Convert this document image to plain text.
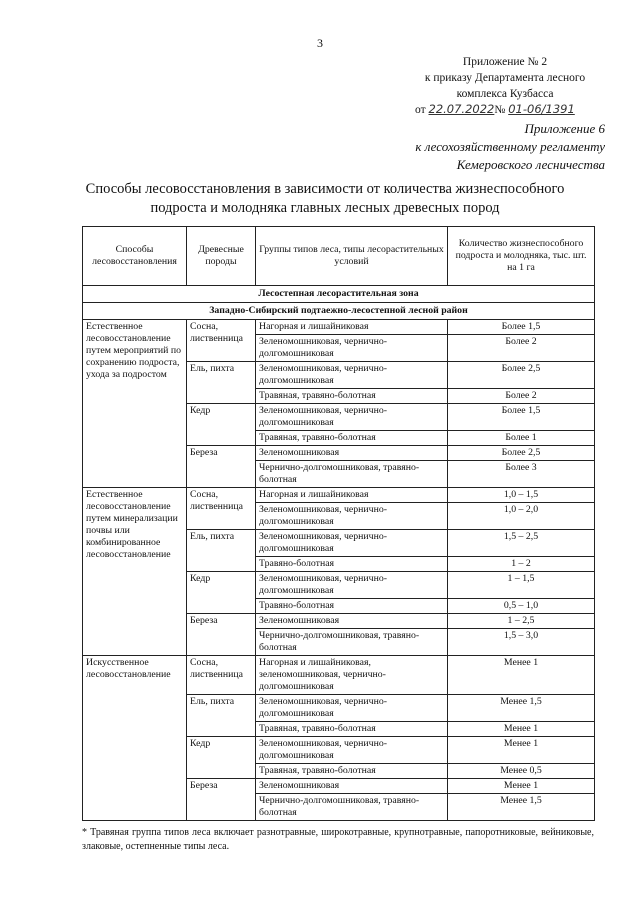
3
Приложение № 2
к приказу Департамента лесного
комплекса Кузбасса
от 22.07.2022№ 01-06/1391
Приложение 6
к лесохозяйственному регламенту
Кемеровского лесничества
Способы лесовосстановления в зависимости от количества жизнеспособного
подроста и молодняка главных лесных древесных пород
Способы лесовосстановления	Древесные породы	Группы типов леса, типы лесорастительных условий	Количество жизнеспособного подроста и молодняка, тыс. шт. на 1 га
Лесостепная лесорастительная зона			
Западно-Сибирский подтаежно-лесостепной лесной район			
Естественное лесовосстановление путем мероприятий по сохранению подроста, ухода за подростом	Сосна, лиственница	Нагорная и лишайниковая	Более 1,5
		Зеленомошниковая, чернично-долгомошниковая	Более 2
	Ель, пихта	Зеленомошниковая, чернично-долгомошниковая	Более 2,5
		Травяная, травяно-болотная	Более 2
	Кедр	Зеленомошниковая, чернично-долгомошниковая	Более 1,5
		Травяная, травяно-болотная	Более 1
	Береза	Зеленомошниковая	Более 2,5
		Чернично-долгомошниковая, травяно-болотная	Более 3
Естественное лесовосстановление путем минерализации почвы или комбинированное лесовосстановление	Сосна, лиственница	Нагорная и лишайниковая	1,0 – 1,5
		Зеленомошниковая, чернично-долгомошниковая	1,0 – 2,0
	Ель, пихта	Зеленомошниковая, чернично-долгомошниковая	1,5 – 2,5
		Травяно-болотная	1 – 2
	Кедр	Зеленомошниковая, чернично-долгомошниковая	1 – 1,5
		Травяно-болотная	0,5 – 1,0
	Береза	Зеленомошниковая	1 – 2,5
		Чернично-долгомошниковая, травяно-болотная	1,5 – 3,0
Искусственное лесовосстановление	Сосна, лиственница	Нагорная и лишайниковая, зеленомошниковая, чернично-долгомошниковая	Менее 1
	Ель, пихта	Зеленомошниковая, чернично-долгомошниковая	Менее 1,5
		Травяная, травяно-болотная	Менее 1
	Кедр	Зеленомошниковая, чернично-долгомошниковая	Менее 1
		Травяная, травяно-болотная	Менее 0,5
	Береза	Зеленомошниковая	Менее 1
		Чернично-долгомошниковая, травяно-болотная	Менее 1,5
* Травяная группа типов леса включает разнотравные, широкотравные, крупнотравные, папоротниковые, вейниковые, злаковые, остепненные типы леса.
